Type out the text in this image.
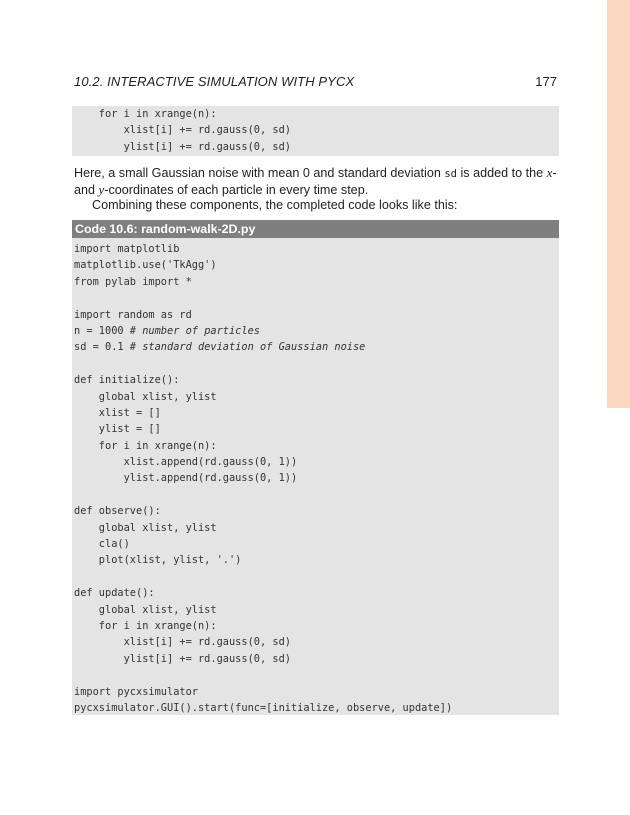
10.2. INTERACTIVE SIMULATION WITH PYCX	177
for i in xrange(n):
xlist[i] += rd.gauss(0, sd)
ylist[i] += rd.gauss(0, sd)
Here, a small Gaussian noise with mean 0 and standard deviation sd is added to the x- and y-coordinates of each particle in every time step.
Combining these components, the completed code looks like this:
Code 10.6: random-walk-2D.py
import matplotlib
matplotlib.use('TkAgg')
from pylab import *
import random as rd
n = 1000 # number of particles
sd = 0.1 # standard deviation of Gaussian noise
def initialize():
global xlist, ylist
xlist = []
ylist = []
for i in xrange(n):
xlist.append(rd.gauss(0, 1))
ylist.append(rd.gauss(0, 1))
def observe():
global xlist, ylist
cla()
plot(xlist, ylist, '.')
def update():
global xlist, ylist
for i in xrange(n):
xlist[i] += rd.gauss(0, sd)
ylist[i] += rd.gauss(0, sd)
import pycxsimulator
pycxsimulator.GUI().start(func=[initialize, observe, update])
